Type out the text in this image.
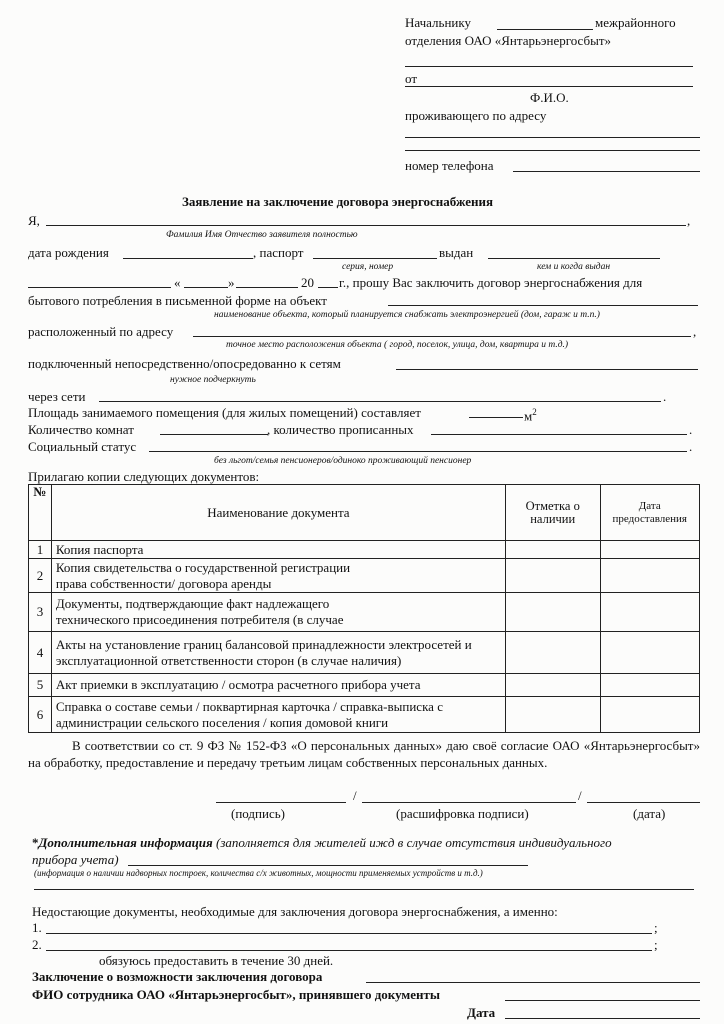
Начальнику	межрайонного
отделения ОАО «Янтарьэнергосбыт»
от
Ф.И.О.
проживающего по адресу
номер телефона
Заявление на заключение договора энергоснабжения
Я,	,
Фамилия Имя Отчество заявителя полностью
дата рождения	, паспорт	выдан
серия, номер	кем и когда выдан
«	»	20 г., прошу Вас заключить договор энергоснабжения для
бытового потребления в письменной форме на объект
наименование объекта, который планируется снабжать электроэнергией (дом, гараж и т.п.)
расположенный по адресу	,
точное место расположения объекта ( город, поселок, улица, дом, квартира и т.д.)
подключенный непосредственно/опосредованно к сетям
нужное подчеркнуть
через сети	.
Площадь занимаемого помещения (для жилых помещений) составляет	$м^2$
Количество комнат	, количество прописанных	.
Социальный статус	.
без льгот/семья пенсионеров/одиноко проживающий пенсионер
Прилагаю копии следующих документов:
№	Наименование документа	Отметка о наличии	Дата предоставления
1	Копия паспорта		
2	Копия свидетельства о государственной регистрации права собственности/ договора аренды		
3	Документы, подтверждающие факт надлежащего технического присоединения потребителя (в случае		
4	Акты на установление границ балансовой принадлежности электросетей и эксплуатационной ответственности сторон (в случае наличия)		
5	Акт приемки в эксплуатацию / осмотра расчетного прибора учета		
6	Справка о составе семьи / поквартирная карточка / справка-выписка с администрации сельского поселения / копия домовой книги		
В соответствии со ст. 9 ФЗ № 152-ФЗ «О персональных данных» даю своё согласие ОАО «Янтарьэнергосбыт» на обработку, предоставление и передачу третьим лицам собственных персональных данных.
/	/
(подпись)	(расшифровка подписи)	(дата)
*Дополнительная информация (заполняется для жителей ижд в случае отсутствия индивидуального
прибора учета)
(информация о наличии надворных построек, количества с/х животных, мощности применяемых устройств и т.д.)
Недостающие документы, необходимые для заключения договора энергоснабжения, а именно:
1.	;
2.	;
обязуюсь предоставить в течение 30 дней.
Заключение о возможности заключения договора
ФИО сотрудника ОАО «Янтарьэнергосбыт», принявшего документы
Дата
